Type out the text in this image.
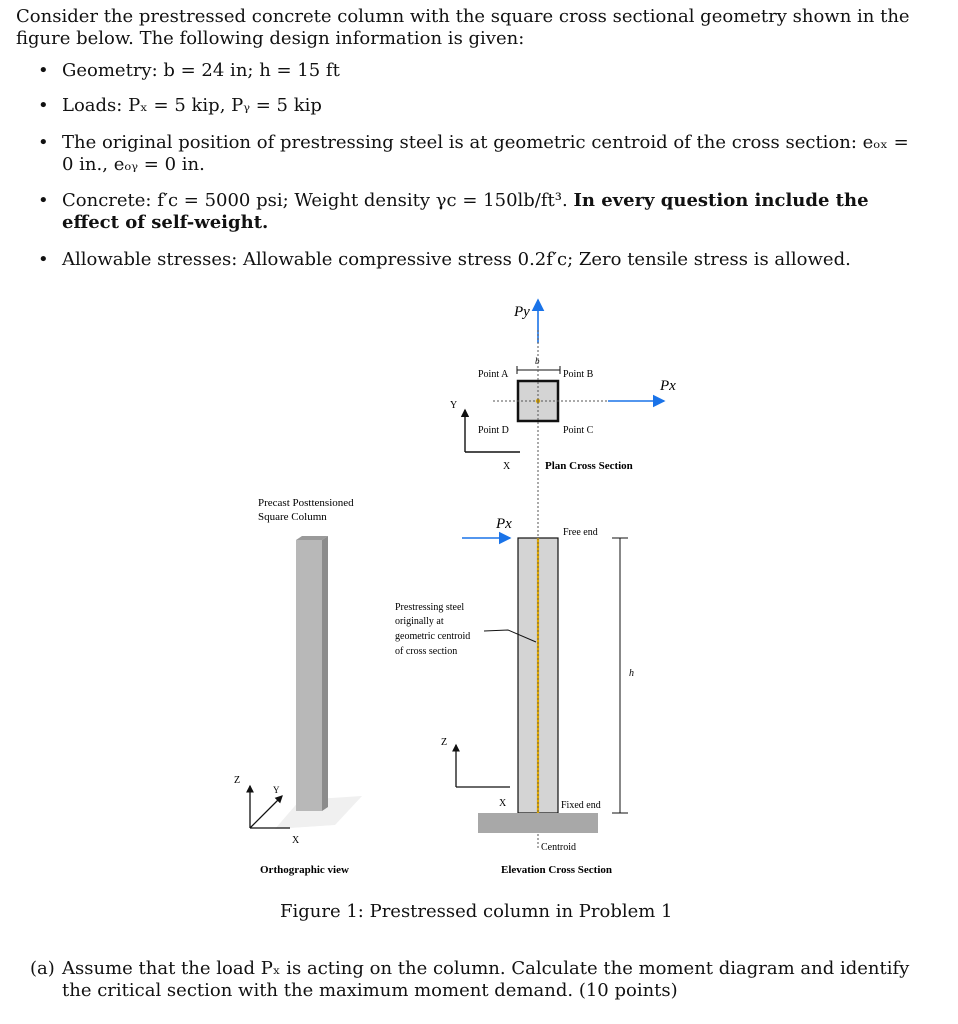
Consider the prestressed concrete column with the square cross sectional geometry shown in the figure below. The following design information is given:
• Geometry: b = 24 in; h = 15 ft
• Loads: Pₓ = 5 kip, Pᵧ = 5 kip
• The original position of prestressing steel is at geometric centroid of the cross section: eₒₓ = 0 in., eₒᵧ = 0 in.
• Concrete: f′c = 5000 psi; Weight density γc = 150lb/ft³. In every question include the effect of self-weight.
• Allowable stresses: Allowable compressive stress 0.2f′c; Zero tensile stress is allowed.
Py
b
Point A	Point B
Point C
Point D
Px
Y
X	Plan Cross Section
Precast Posttensioned
Square Column
Z
Y
X
Orthographic view
Px
Free end
Fixed end
h
Prestressing steel
originally at
geometric centroid
of cross section
Z
X
Centroid
Elevation Cross Section
Figure 1: Prestressed column in Problem 1
(a) Assume that the load Pₓ is acting on the column. Calculate the moment diagram and identify the critical section with the maximum moment demand. (10 points)
